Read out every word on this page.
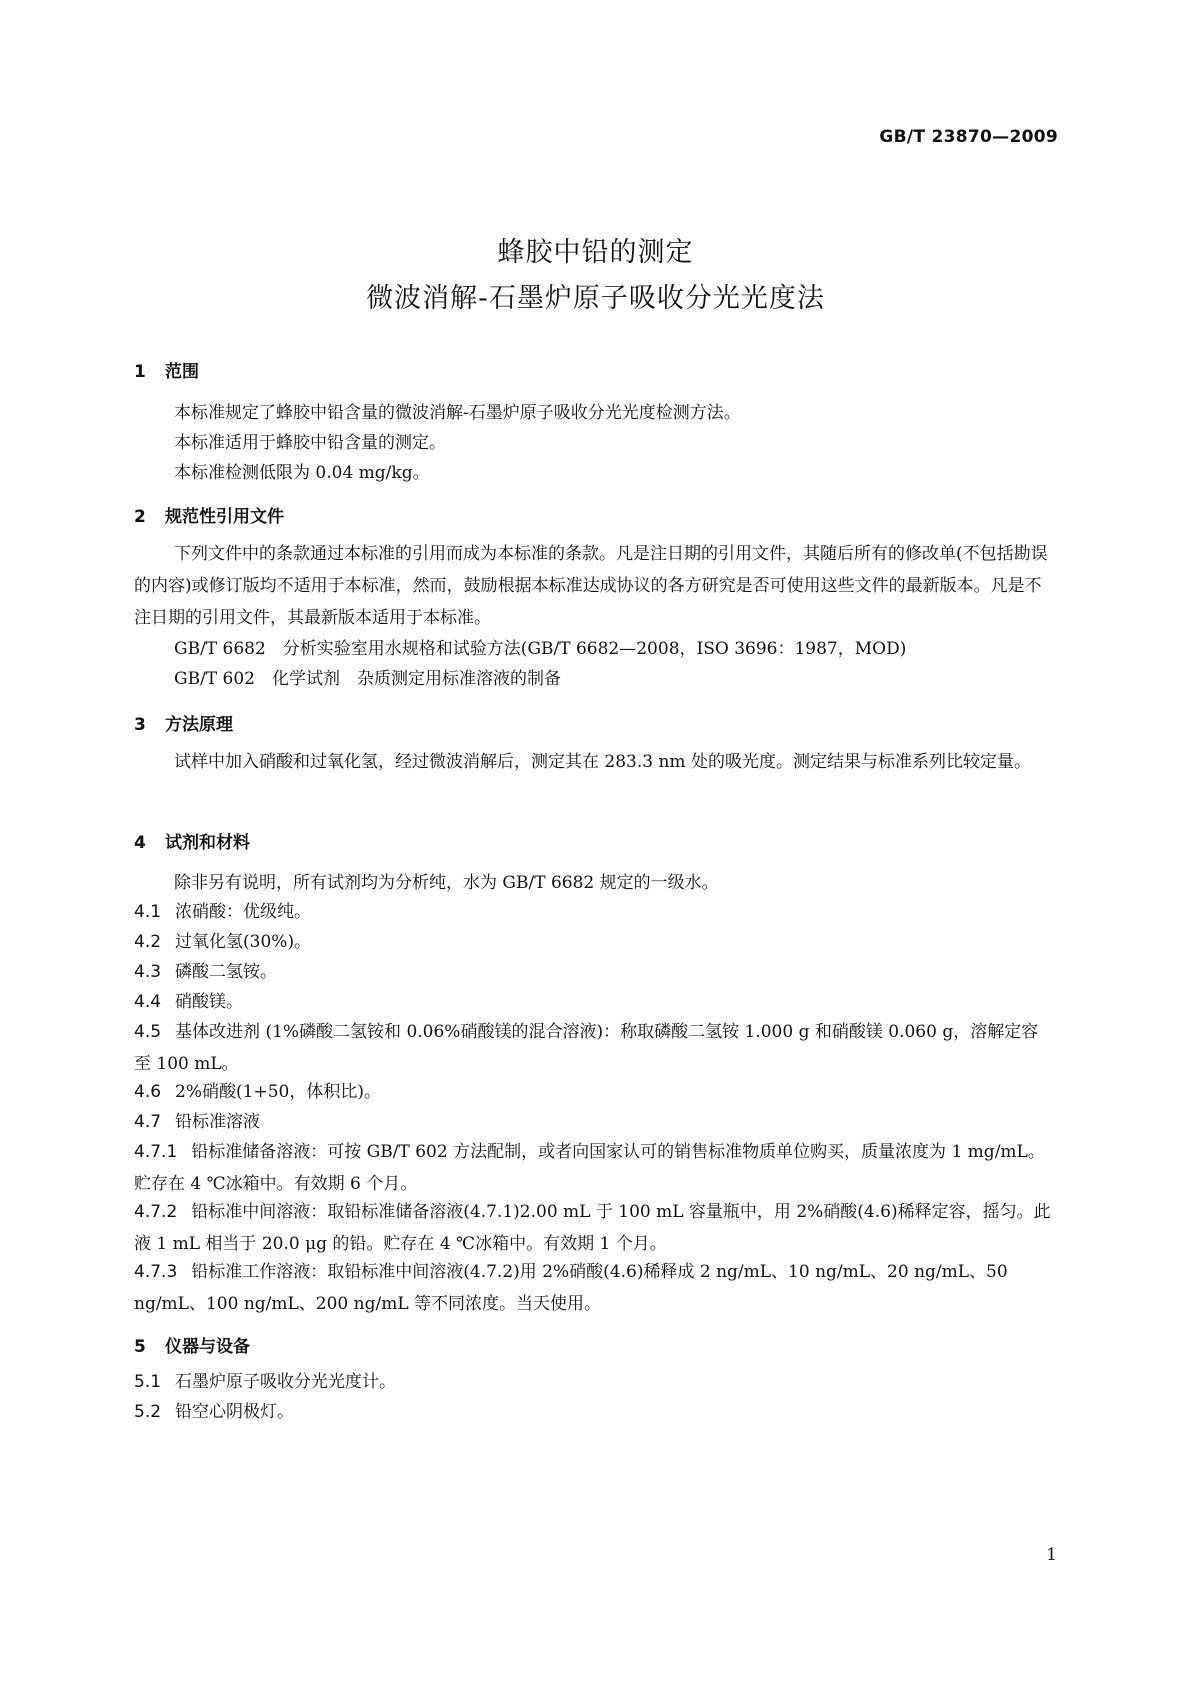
GB/T 23870—2009
蜂胶中铅的测定
微波消解-石墨炉原子吸收分光光度法
1 范围
本标准规定了蜂胶中铅含量的微波消解-石墨炉原子吸收分光光度检测方法。
本标准适用于蜂胶中铅含量的测定。
本标准检测低限为 0.04 mg/kg。
2 规范性引用文件
下列文件中的条款通过本标准的引用而成为本标准的条款。凡是注日期的引用文件，其随后所有的修改单(不包括勘误的内容)或修订版均不适用于本标准，然而，鼓励根据本标准达成协议的各方研究是否可使用这些文件的最新版本。凡是不注日期的引用文件，其最新版本适用于本标准。
GB/T 6682　分析实验室用水规格和试验方法(GB/T 6682—2008，ISO 3696：1987，MOD)
GB/T 602　化学试剂　杂质测定用标准溶液的制备
3 方法原理
试样中加入硝酸和过氧化氢，经过微波消解后，测定其在 283.3 nm 处的吸光度。测定结果与标准系列比较定量。
4 试剂和材料
除非另有说明，所有试剂均为分析纯，水为 GB/T 6682 规定的一级水。
4.1 浓硝酸：优级纯。
4.2 过氧化氢(30%)。
4.3 磷酸二氢铵。
4.4 硝酸镁。
4.5 基体改进剂 (1%磷酸二氢铵和 0.06%硝酸镁的混合溶液)：称取磷酸二氢铵 1.000 g 和硝酸镁 0.060 g，溶解定容至 100 mL。
4.6 2%硝酸(1+50，体积比)。
4.7 铅标准溶液
4.7.1 铅标准储备溶液：可按 GB/T 602 方法配制，或者向国家认可的销售标准物质单位购买，质量浓度为 1 mg/mL。贮存在 4 ℃冰箱中。有效期 6 个月。
4.7.2 铅标准中间溶液：取铅标准储备溶液(4.7.1)2.00 mL 于 100 mL 容量瓶中，用 2%硝酸(4.6)稀释定容，摇匀。此液 1 mL 相当于 20.0 μg 的铅。贮存在 4 ℃冰箱中。有效期 1 个月。
4.7.3 铅标准工作溶液：取铅标准中间溶液(4.7.2)用 2%硝酸(4.6)稀释成 2 ng/mL、10 ng/mL、20 ng/mL、50 ng/mL、100 ng/mL、200 ng/mL 等不同浓度。当天使用。
5 仪器与设备
5.1 石墨炉原子吸收分光光度计。
5.2 铅空心阴极灯。
1
